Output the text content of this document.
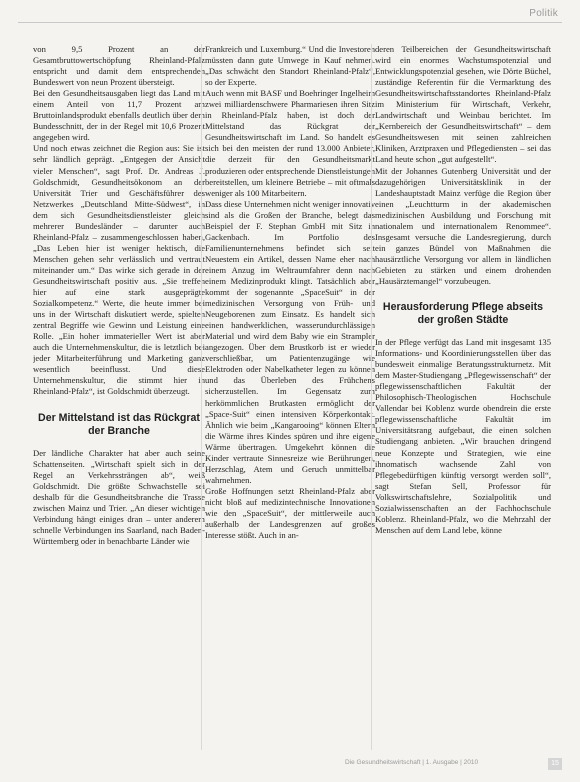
Politik

von 9,5 Prozent an der Gesamtbruttowertschöpfung Rheinland-Pfalz entspricht und damit dem entsprechenden Bundeswert von neun Prozent übersteigt.

Bei den Gesundheitsausgaben liegt das Land mit einem Anteil von 11,7 Prozent am Bruttoinlandsprodukt ebenfalls deutlich über dem Bundesschnitt, der in der Regel mit 10,6 Prozent angegeben wird.

Und noch etwas zeichnet die Region aus: Sie ist sehr ländlich geprägt. „Entgegen der Ansicht vieler Menschen“, sagt Prof. Dr. Andreas J. Goldschmidt, Gesundheitsökonom an der Universität Trier und Geschäftsführer des Netzwerkes „Deutschland Mitte-Südwest“, in dem sich Gesundheitsdienstleister gleich mehrerer Bundesländer – darunter auch Rheinland-Pfalz – zusammengeschlossen haben, „Das Leben hier ist weniger hektisch, die Menschen gehen sehr verlässlich und vertraut miteinander um.“ Das wirke sich gerade in der Gesundheitswirtschaft positiv aus. „Sie treffen hier auf eine stark ausgeprägte Sozialkompetenz.“ Werte, die heute immer bei uns in der Wirtschaft diskutiert werde, spielten zentral Begriffe wie Gewinn und Leistung eine Rolle. „Ein hoher immaterieller Wert ist aber auch die Unternehmenskultur, die is letztlich bei jeder Mitarbeiterführung und Marketing ganz wesentlich beeinflusst. Und diese Unternehmenskultur, die stimmt hier in Rheinland-Pfalz“, ist Goldschmidt überzeugt.

Der Mittelstand ist das Rückgrat der Branche

Der ländliche Charakter hat aber auch seine Schattenseiten. „Wirtschaft spielt sich in der Regel an Verkehrssträngen ab“, weiß Goldschmidt. Die größte Schwachstelle sei deshalb für die Gesundheitsbranche die Trasse zwischen Mainz und Trier. „An dieser wichtigen Verbindung hängt einiges dran – unter anderem schnelle Verbindungen ins Saarland, nach Baden-Württemberg oder in benachbarte Länder wie

Frankreich und Luxemburg.“ Und die Investoren müssten dann gute Umwege in Kauf nehmen. „Das schwächt den Standort Rheinland-Pfalz“, so der Experte.

Auch wenn mit BASF und Boehringer Ingelheim zwei milliardenschwere Pharmariesen ihren Sitz in Rheinland-Pfalz haben, ist doch der Mittelstand das Rückgrat der Gesundheitswirtschaft im Land. So handelt es sich bei den meisten der rund 13.000 Anbieter, die derzeit für den Gesundheitsmarkt produzieren oder entsprechende Dienstleistungen bereitstellen, um kleinere Betriebe – mit oftmals weniger als 100 Mitarbeitern.

Dass diese Unternehmen nicht weniger innovativ sind als die Großen der Branche, belegt das Beispiel der F. Stephan GmbH mit Sitz in Gackenbach. Im Portfolio des Familienunternehmens befindet sich seit Neuestem ein Artikel, dessen Name eher nach einem Anzug im Weltraumfahrer denn nach einem Medizinprodukt klingt. Tatsächlich aber kommt der sogenannte „SpaceSuit“ in der medizinischen Versorgung von Früh- und Neugeborenen zum Einsatz. Es handelt sich einen handwerklichen, wasserundurchlässigen Material und wird dem Baby wie ein Strampler angezogen. Über dem Brustkorb ist er wieder verschließbar, um Patientenzugänge wie Elektroden oder Nabelkatheter legen zu können und das Überleben des Frühchens sicherzustellen. Im Gegensatz zum herkömmlichen Brutkasten ermöglicht der „Space-Suit“ einen intensiven Körperkontakt. Ähnlich wie beim „Kangarooing“ können Eltern die Wärme ihres Kindes spüren und ihre eigene Wärme übertragen. Umgekehrt können die Kinder vertraute Sinnesreize wie Berührungen, Herzschlag, Atem und Geruch unmittelbar wahrnehmen.

Große Hoffnungen setzt Rheinland-Pfalz aber nicht bloß auf medizintechnische Innovationen wie den „SpaceSuit“, der mittlerweile auch außerhalb der Landesgrenzen auf großes Interesse stößt. Auch in an-

deren Teilbereichen der Gesundheitswirtschaft wird ein enormes Wachstumspotenzial und Entwicklungspotenzial gesehen, wie Dörte Büchel, zuständige Referentin für die Vermarktung des Gesundheitswirtschaftsstandortes Rheinland-Pfalz im Ministerium für Wirtschaft, Verkehr, Landwirtschaft und Weinbau berichtet. Im „Kernbereich der Gesundheitswirtschaft“ – dem Gesundheitswesen mit seinen zahlreichen Kliniken, Arztpraxen und Pflegediensten – sei das Land heute schon „gut aufgestellt“.

Mit der Johannes Gutenberg Universität und der dazugehörigen Universitätsklinik in der Landeshauptstadt Mainz verfüge die Region über einen „Leuchtturm in der akademischen medizinischen Ausbildung und Forschung mit nationalem und internationalem Renommee“. Insgesamt versuche die Landesregierung, durch ein ganzes Bündel von Maßnahmen die hausärztliche Versorgung vor allem in ländlichen Gebieten zu stärken und einem drohenden „Hausärztemangel“ vorzubeugen.

Herausforderung Pflege abseits der großen Städte

In der Pflege verfügt das Land mit insgesamt 135 Informations- und Koordinierungsstellen über das bundesweit einmalige Beratungsstrukturnetz. Mit dem Master-Studiengang „Pflegewissenschaft“ der pflegewissenschaftlichen Fakultät der Philosophisch-Theologischen Hochschule Vallendar bei Koblenz wurde obendrein die erste pflegewissenschaftliche Fakultät im Universitätsrang aufgebaut, die einen solchen Studiengang anbieten. „Wir brauchen dringend neue Konzepte und Strategien, wie eine ihnomatisch wachsende Zahl von Pflegebedürftigen künftig versorgt werden soll“, sagt Stefan Sell, Professor für Volkswirtschaftslehre, Sozialpolitik und Sozialwissenschaften an der Fachhochschule Koblenz. Rheinland-Pfalz, wo die Mehrzahl der Menschen auf dem Land lebe, könne

Die Gesundheitswirtschaft | 1. Ausgabe | 2010	15
